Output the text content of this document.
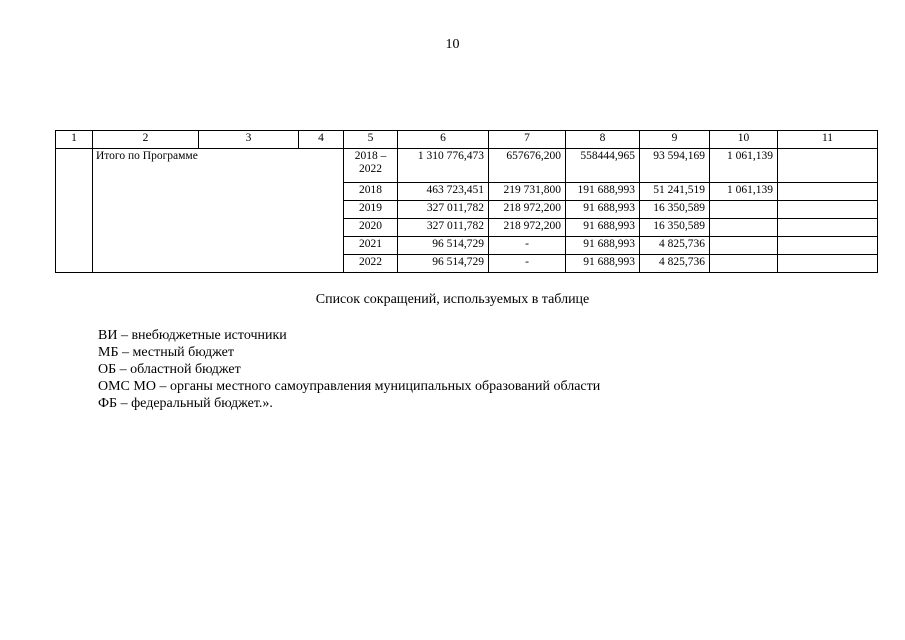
10
1	2	3	4	5	6	7	8	9	10	11
	Итого по Программе			2018 – 2022	1 310 776,473	657676,200	558444,965	93 594,169	1 061,139	
				2018	463 723,451	219 731,800	191 688,993	51 241,519	1 061,139	
				2019	327 011,782	218 972,200	91 688,993	16 350,589		
				2020	327 011,782	218 972,200	91 688,993	16 350,589		
				2021	96 514,729	-	91 688,993	4 825,736		
				2022	96 514,729	-	91 688,993	4 825,736		
Список сокращений, используемых в таблице
ВИ – внебюджетные источники
МБ – местный бюджет
ОБ – областной бюджет
ОМС МО – органы местного самоуправления муниципальных образований области
ФБ – федеральный бюджет.».
